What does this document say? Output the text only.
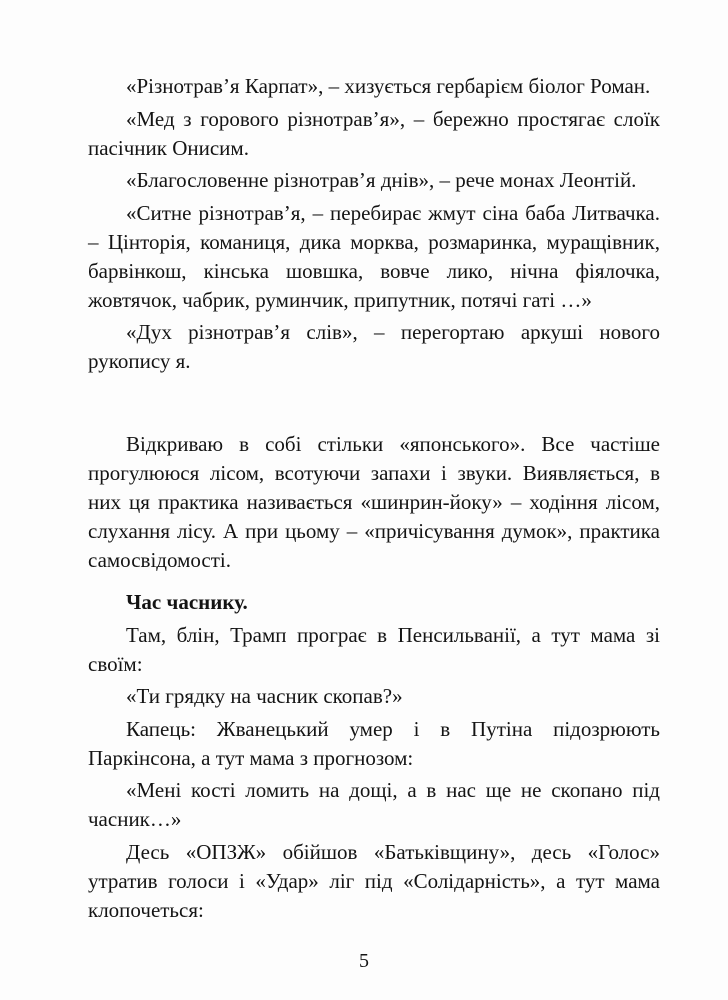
«Різнотрав’я Карпат», – хизується гербарієм біолог Роман.

«Мед з горового різнотрав’я», – бережно простягає слоїк пасічник Онисим.

«Благословенне різнотрав’я днів», – рече монах Леонтій.

«Ситне різнотрав’я, – перебирає жмут сіна баба Литвачка. – Цінторія, команиця, дика морква, розмаринка, муращівник, барвінкош, кінська шовшка, вовче лико, нічна фіялочка, жовтячок, чабрик, руминчик, припутник, потячі гаті …»

«Дух різнотрав’я слів», – перегортаю аркуші нового рукопису я.

Відкриваю в собі стільки «японського». Все частіше прогулююся лісом, всотуючи запахи і звуки. Виявляється, в них ця практика називається «шинрин-йоку» – ходіння лісом, слухання лісу. А при цьому – «причісування думок», практика самосвідомості.

Час часнику.

Там, блін, Трамп програє в Пенсильванії, а тут мама зі своїм:

«Ти грядку на часник скопав?»

Капець: Жванецький умер і в Путіна підозрюють Паркінсона, а тут мама з прогнозом:

«Мені кості ломить на дощі, а в нас ще не скопано під часник…»

Десь «ОПЗЖ» обійшов «Батьківщину», десь «Голос» утратив голоси і «Удар» ліг під «Солідарність», а тут мама клопочеться:

5
